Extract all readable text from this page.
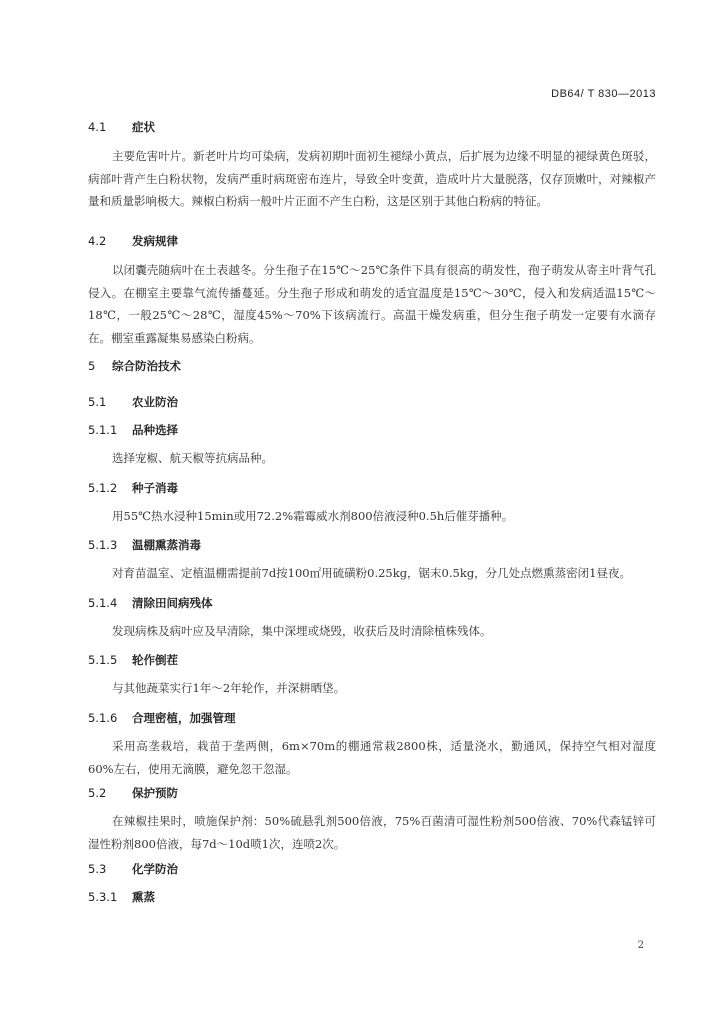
DB64/ T 830—2013
4.1 症状
主要危害叶片。新老叶片均可染病，发病初期叶面初生褪绿小黄点，后扩展为边缘不明显的褪绿黄色斑驳，病部叶背产生白粉状物，发病严重时病斑密布连片，导致全叶变黄，造成叶片大量脱落，仅存顶嫩叶，对辣椒产量和质量影响极大。辣椒白粉病一般叶片正面不产生白粉，这是区别于其他白粉病的特征。
4.2 发病规律
以闭囊壳随病叶在土表越冬。分生孢子在15℃～25℃条件下具有很高的萌发性，孢子萌发从寄主叶背气孔侵入。在棚室主要靠气流传播蔓延。分生孢子形成和萌发的适宜温度是15℃～30℃，侵入和发病适温15℃～18℃，一般25℃～28℃，湿度45%～70%下该病流行。高温干燥发病重，但分生孢子萌发一定要有水滴存在。棚室重露凝集易感染白粉病。
5 综合防治技术
5.1 农业防治
5.1.1 品种选择
选择宠椒、航天椒等抗病品种。
5.1.2 种子消毒
用55℃热水浸种15min或用72.2%霜霉威水剂800倍液浸种0.5h后催芽播种。
5.1.3 温棚熏蒸消毒
对育苗温室、定植温棚需提前7d按100㎡用硫磺粉0.25kg，锯末0.5kg，分几处点燃熏蒸密闭1昼夜。
5.1.4 清除田间病残体
发现病株及病叶应及早清除，集中深埋或烧毁，收获后及时清除植株残体。
5.1.5 轮作倒茬
与其他蔬菜实行1年～2年轮作，并深耕晒垡。
5.1.6 合理密植，加强管理
采用高垄栽培，栽苗于垄两侧，6m×70m的棚通常栽2800株，适量浇水，勤通风，保持空气相对湿度60%左右，使用无滴膜，避免忽干忽湿。
5.2 保护预防
在辣椒挂果时，喷施保护剂：50%硫悬乳剂500倍液，75%百菌清可湿性粉剂500倍液、70%代森锰锌可湿性粉剂800倍液，每7d～10d喷1次，连喷2次。
5.3 化学防治
5.3.1 熏蒸
2
